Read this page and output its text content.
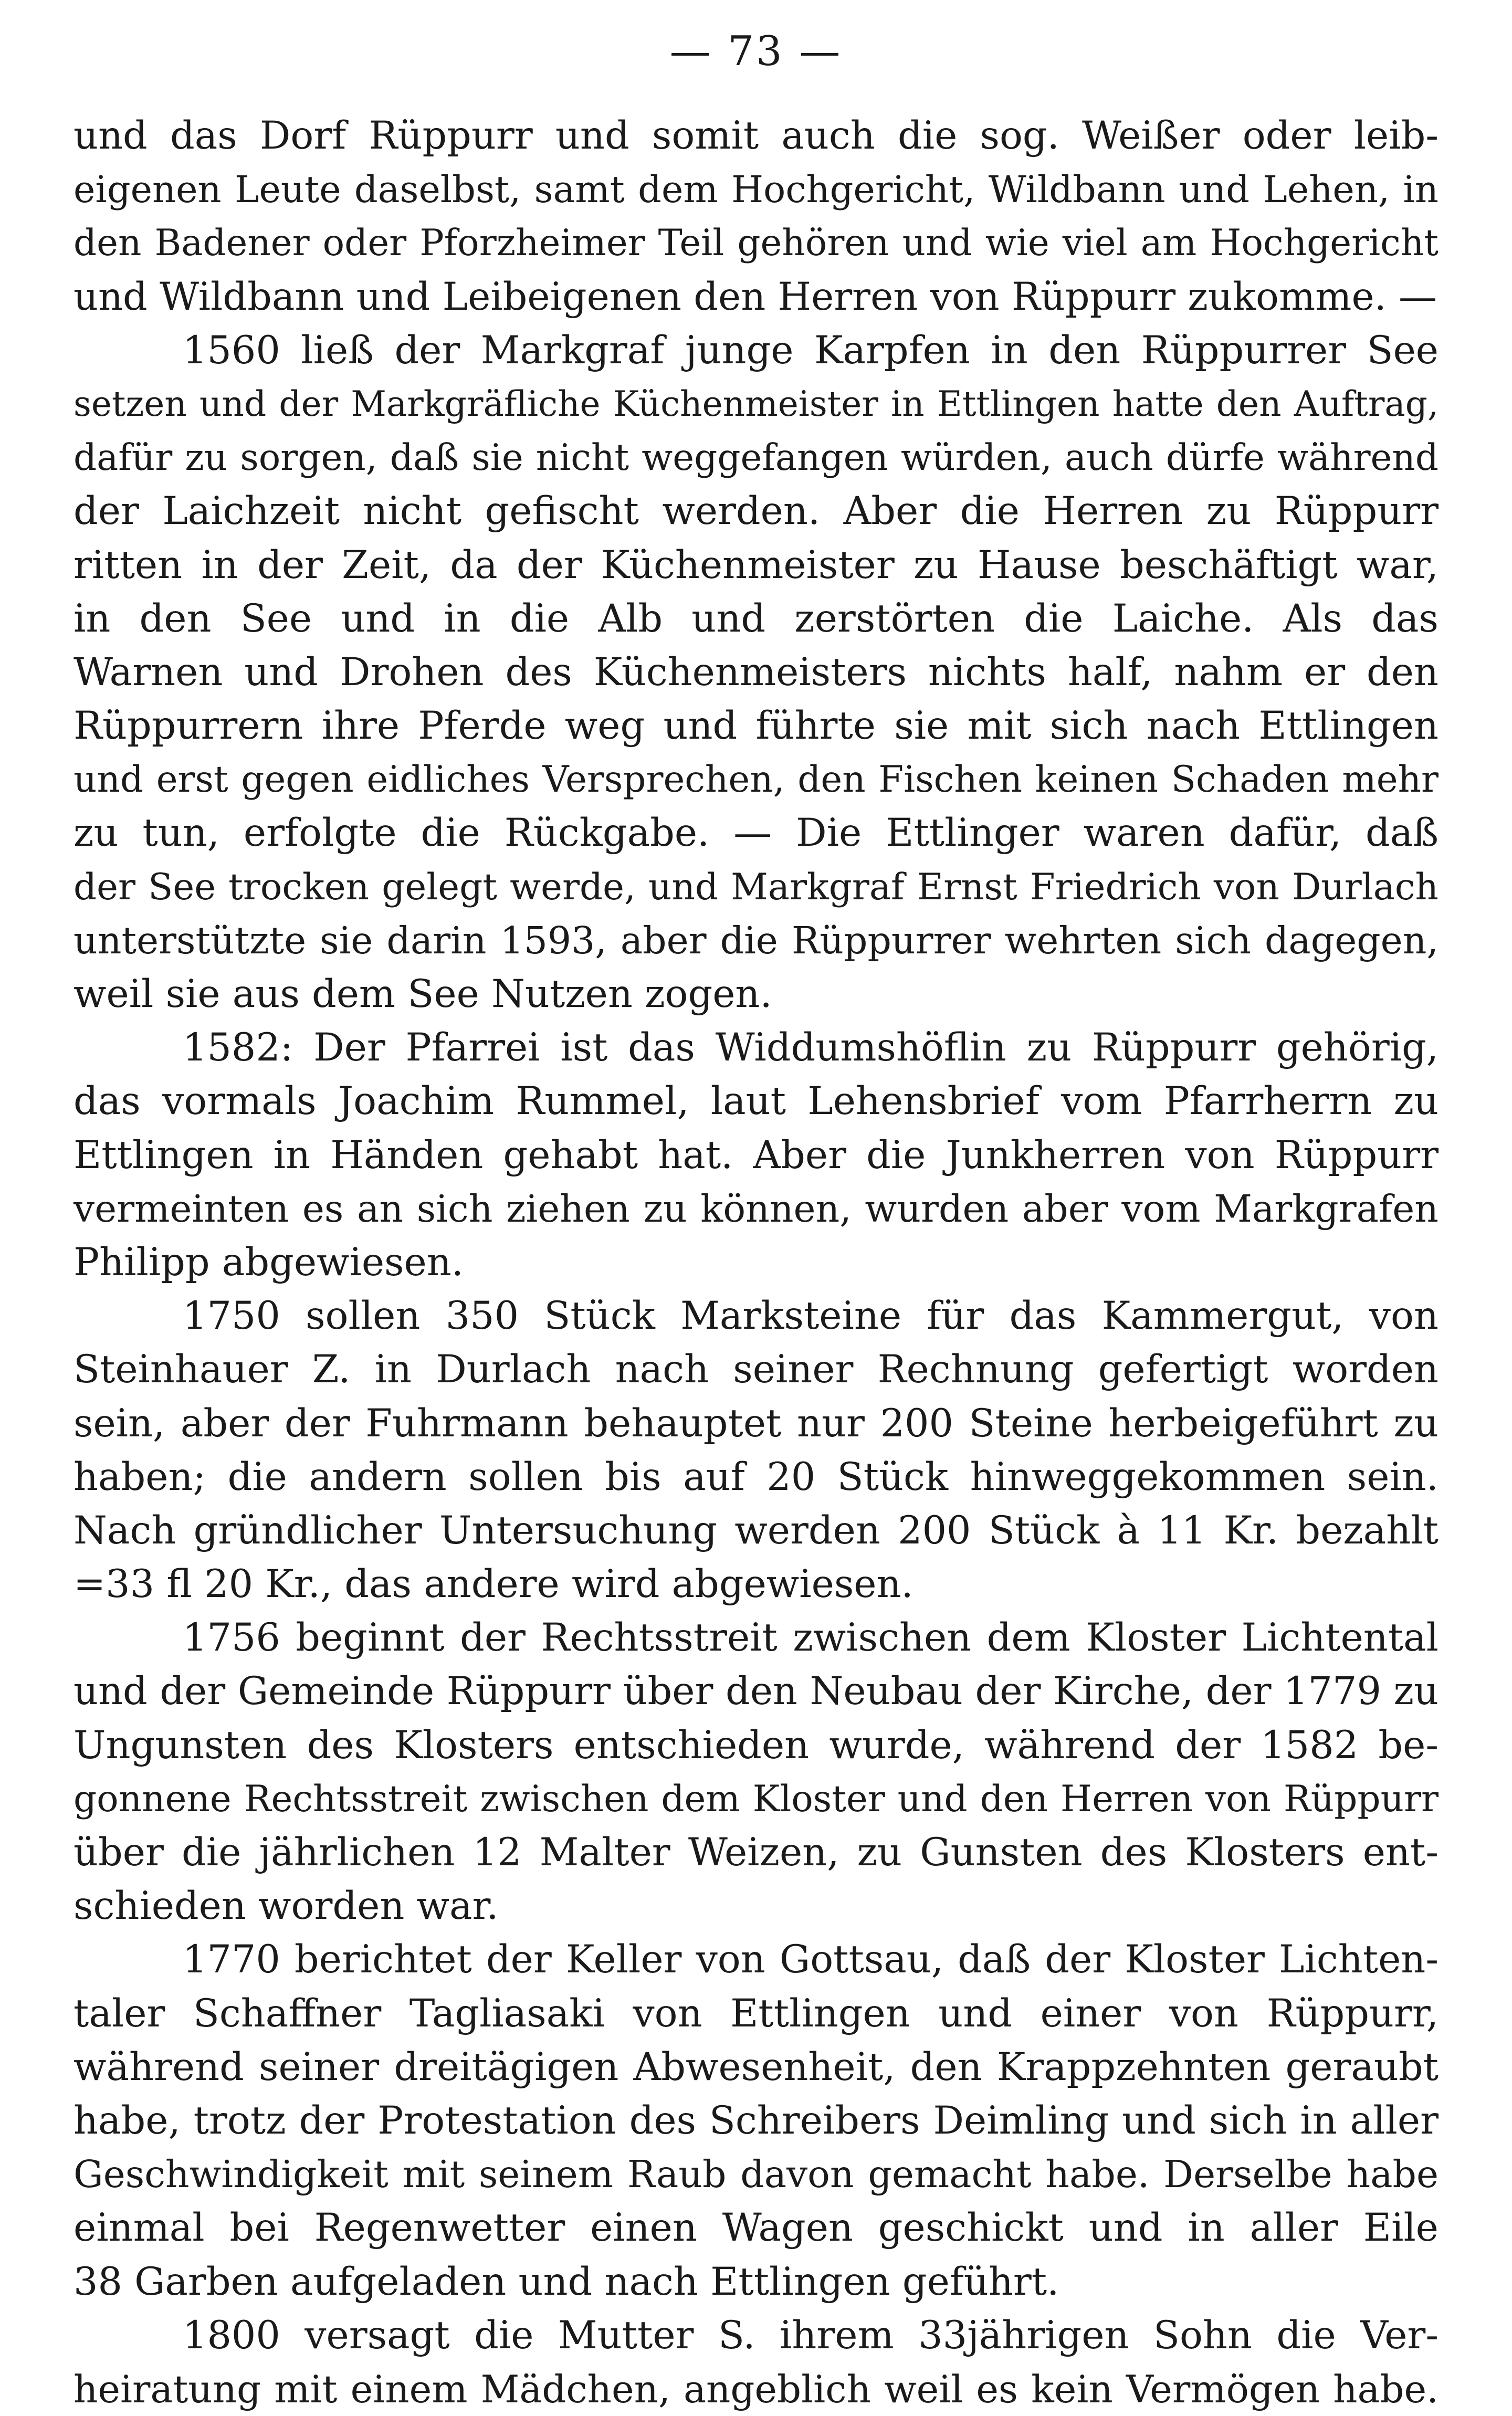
— 73 —
und das Dorf Rüppurr und somit auch die sog. Weißer oder leib-
eigenen Leute daselbst, samt dem Hochgericht, Wildbann und Lehen, in
den Badener oder Pforzheimer Teil gehören und wie viel am Hochgericht
und Wildbann und Leibeigenen den Herren von Rüppurr zukomme. —
1560 ließ der Markgraf junge Karpfen in den Rüppurrer See
setzen und der Markgräfliche Küchenmeister in Ettlingen hatte den Auftrag,
dafür zu sorgen, daß sie nicht weggefangen würden, auch dürfe während
der Laichzeit nicht gefischt werden. Aber die Herren zu Rüppurr
ritten in der Zeit, da der Küchenmeister zu Hause beschäftigt war,
in den See und in die Alb und zerstörten die Laiche. Als das
Warnen und Drohen des Küchenmeisters nichts half, nahm er den
Rüppurrern ihre Pferde weg und führte sie mit sich nach Ettlingen
und erst gegen eidliches Versprechen, den Fischen keinen Schaden mehr
zu tun, erfolgte die Rückgabe. — Die Ettlinger waren dafür, daß
der See trocken gelegt werde, und Markgraf Ernst Friedrich von Durlach
unterstützte sie darin 1593, aber die Rüppurrer wehrten sich dagegen,
weil sie aus dem See Nutzen zogen.
1582: Der Pfarrei ist das Widdumshöflin zu Rüppurr gehörig,
das vormals Joachim Rummel, laut Lehensbrief vom Pfarrherrn zu
Ettlingen in Händen gehabt hat. Aber die Junkherren von Rüppurr
vermeinten es an sich ziehen zu können, wurden aber vom Markgrafen
Philipp abgewiesen.
1750 sollen 350 Stück Marksteine für das Kammergut, von
Steinhauer Z. in Durlach nach seiner Rechnung gefertigt worden
sein, aber der Fuhrmann behauptet nur 200 Steine herbeigeführt zu
haben; die andern sollen bis auf 20 Stück hinweggekommen sein.
Nach gründlicher Untersuchung werden 200 Stück à 11 Kr. bezahlt
=33 fl 20 Kr., das andere wird abgewiesen.
1756 beginnt der Rechtsstreit zwischen dem Kloster Lichtental
und der Gemeinde Rüppurr über den Neubau der Kirche, der 1779 zu
Ungunsten des Klosters entschieden wurde, während der 1582 be-
gonnene Rechtsstreit zwischen dem Kloster und den Herren von Rüppurr
über die jährlichen 12 Malter Weizen, zu Gunsten des Klosters ent-
schieden worden war.
1770 berichtet der Keller von Gottsau, daß der Kloster Lichten-
taler Schaffner Tagliasaki von Ettlingen und einer von Rüppurr,
während seiner dreitägigen Abwesenheit, den Krappzehnten geraubt
habe, trotz der Protestation des Schreibers Deimling und sich in aller
Geschwindigkeit mit seinem Raub davon gemacht habe. Derselbe habe
einmal bei Regenwetter einen Wagen geschickt und in aller Eile
38 Garben aufgeladen und nach Ettlingen geführt.
1800 versagt die Mutter S. ihrem 33jährigen Sohn die Ver-
heiratung mit einem Mädchen, angeblich weil es kein Vermögen habe.
